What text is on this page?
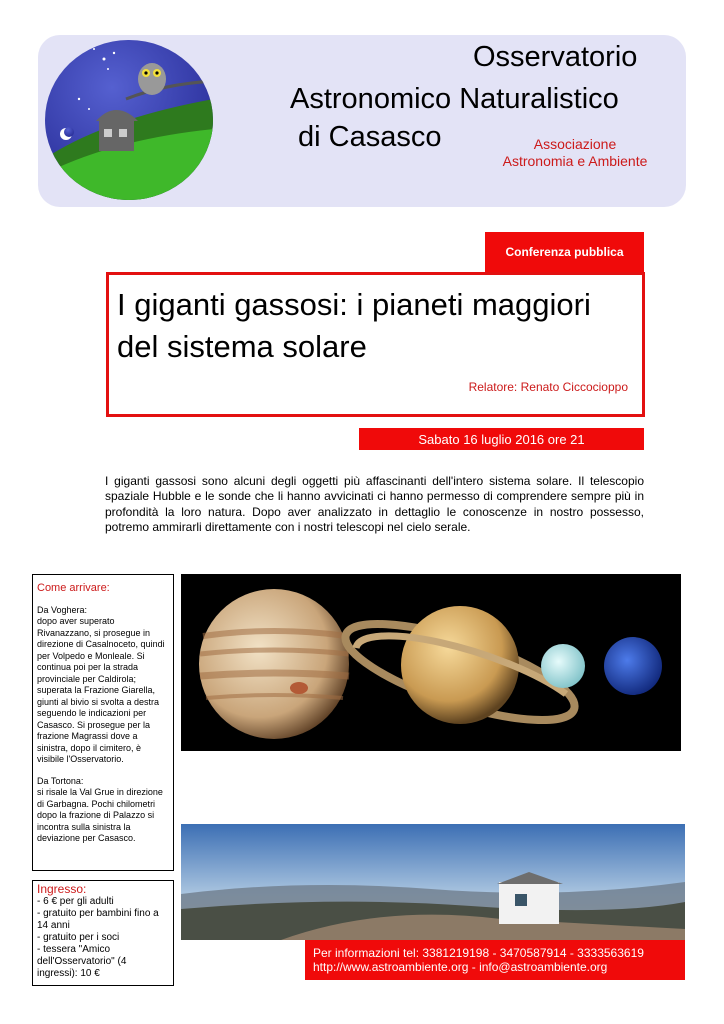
Osservatorio
Astronomico Naturalistico
di Casasco	Associazione
Astronomia e Ambiente
Conferenza pubblica
I giganti gassosi: i pianeti maggiori del sistema solare
Relatore: Renato Ciccocioppo
Sabato 16 luglio 2016 ore 21
I giganti gassosi sono alcuni degli oggetti più affascinanti dell'intero sistema solare. Il telescopio spaziale Hubble e le sonde che li hanno avvicinati ci hanno permesso di comprendere sempre più in profondità la loro natura. Dopo aver analizzato in dettaglio le conoscenze in nostro possesso, potremo ammirarli direttamente con i nostri telescopi nel cielo serale.
Come arrivare:

Da Voghera:
dopo aver superato Rivanazzano, si prosegue in direzione di Casalnoceto, quindi per Volpedo e Monleale. Si continua poi per la strada provinciale per Caldirola; superata la Frazione Giarella, giunti al bivio si svolta a destra seguendo le indicazioni per Casasco. Si prosegue per la frazione Magrassi dove a sinistra, dopo il cimitero, è visibile l'Osservatorio.

Da Tortona:
si risale la Val Grue in direzione di Garbagna. Pochi chilometri dopo la frazione di Palazzo si incontra sulla sinistra la deviazione per Casasco.

Ingresso:
- 6 € per gli adulti
- gratuito per bambini fino a 14 anni
- gratuito per i soci
- tessera "Amico dell'Osservatorio" (4 ingressi): 10 €
Per informazioni tel: 3381219198 - 3470587914 - 3333563619
http://www.astroambiente.org - info@astroambiente.org
